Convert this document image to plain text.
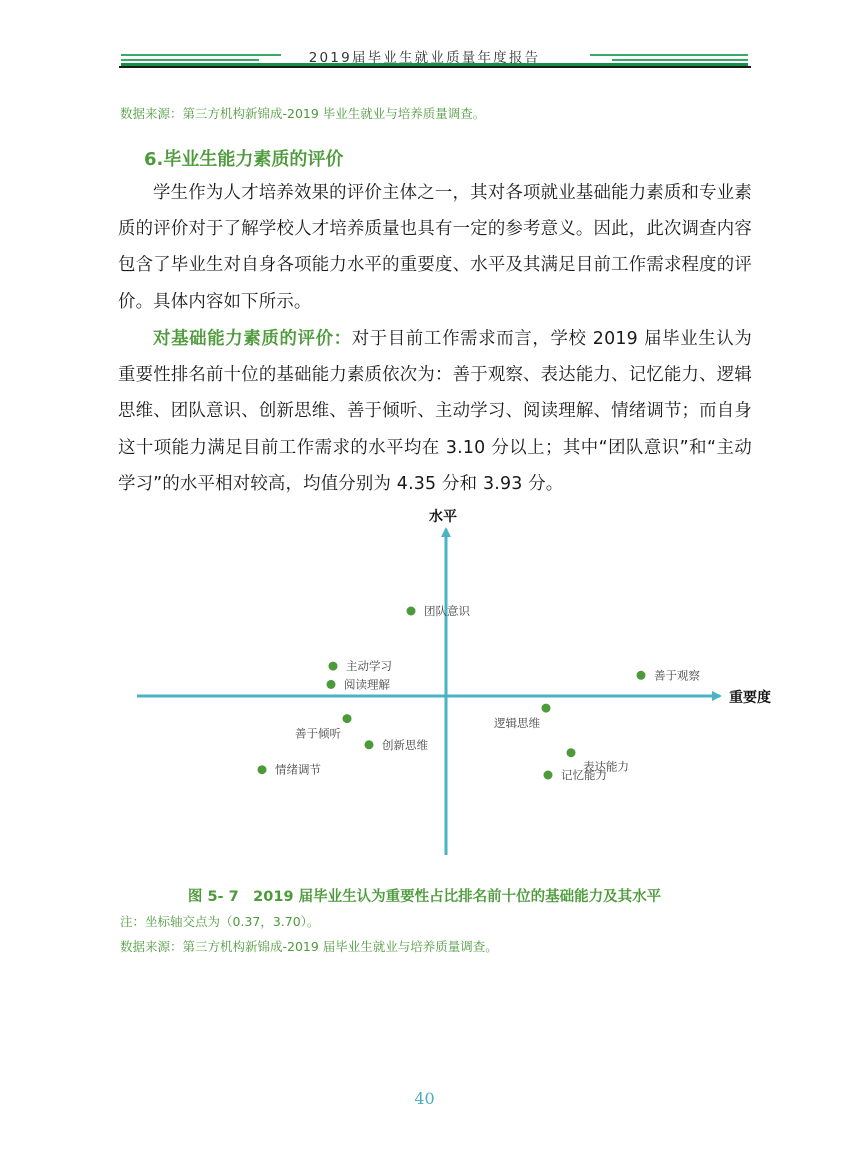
2019届毕业生就业质量年度报告
数据来源：第三方机构新锦成-2019 毕业生就业与培养质量调查。
6.毕业生能力素质的评价
学生作为人才培养效果的评价主体之一，其对各项就业基础能力素质和专业素质的评价对于了解学校人才培养质量也具有一定的参考意义。因此，此次调查内容包含了毕业生对自身各项能力水平的重要度、水平及其满足目前工作需求程度的评价。具体内容如下所示。
对基础能力素质的评价：对于目前工作需求而言，学校 2019 届毕业生认为重要性排名前十位的基础能力素质依次为：善于观察、表达能力、记忆能力、逻辑思维、团队意识、创新思维、善于倾听、主动学习、阅读理解、情绪调节；而自身这十项能力满足目前工作需求的水平均在 3.10 分以上；其中“团队意识”和“主动学习”的水平相对较高，均值分别为 4.35 分和 3.93 分。
重要度
水平
团队意识
主动学习
阅读理解
善于观察
善于倾听
创新思维
情绪调节
逻辑思维
表达能力
记忆能力
图 5- 7　2019 届毕业生认为重要性占比排名前十位的基础能力及其水平
注：坐标轴交点为（0.37，3.70）。
数据来源：第三方机构新锦成-2019 届毕业生就业与培养质量调查。
40
